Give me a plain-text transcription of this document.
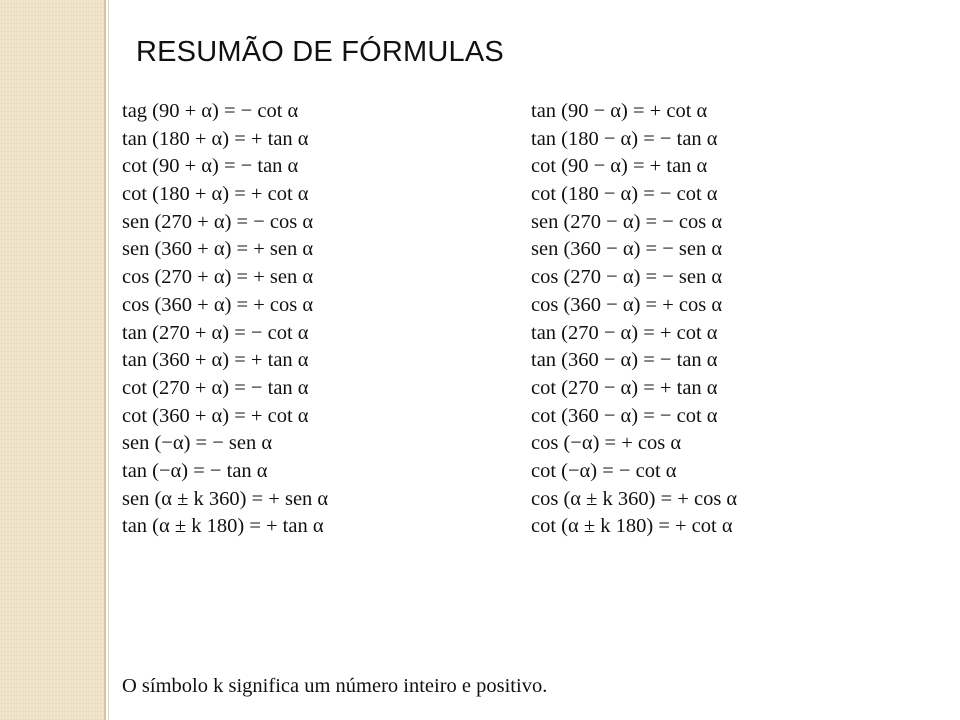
RESUMÃO DE FÓRMULAS
tag (90 + α) = − cot α	tan (90 − α) = + cot α
tan (180 + α) = + tan α	tan (180 − α) = − tan α
cot (90 + α) = − tan α	cot (90 − α) = + tan α
cot (180 + α) = + cot α	cot (180 − α) = − cot α
sen (270 + α) = − cos α	sen (270 − α) = − cos α
sen (360 + α) = + sen α	sen (360 − α) = − sen α
cos (270 + α) = + sen α	cos (270 − α) = − sen α
cos (360 + α) = + cos α	cos (360 − α) = + cos α
tan (270 + α) = − cot α	tan (270 − α) = + cot α
tan (360 + α) = + tan α	tan (360 − α) = − tan α
cot (270 + α) = − tan α	cot (270 − α) = + tan α
cot (360 + α) = + cot α	cot (360 − α) = − cot α
sen (−α) = − sen α	cos (−α) = + cos α
tan (−α) = − tan α	cot (−α) = − cot α
sen (α ± k 360) = + sen α	cos (α ± k 360) = + cos α
tan (α ± k 180) = + tan α	cot (α ± k 180) = + cot α
O símbolo k significa um número inteiro e positivo.
